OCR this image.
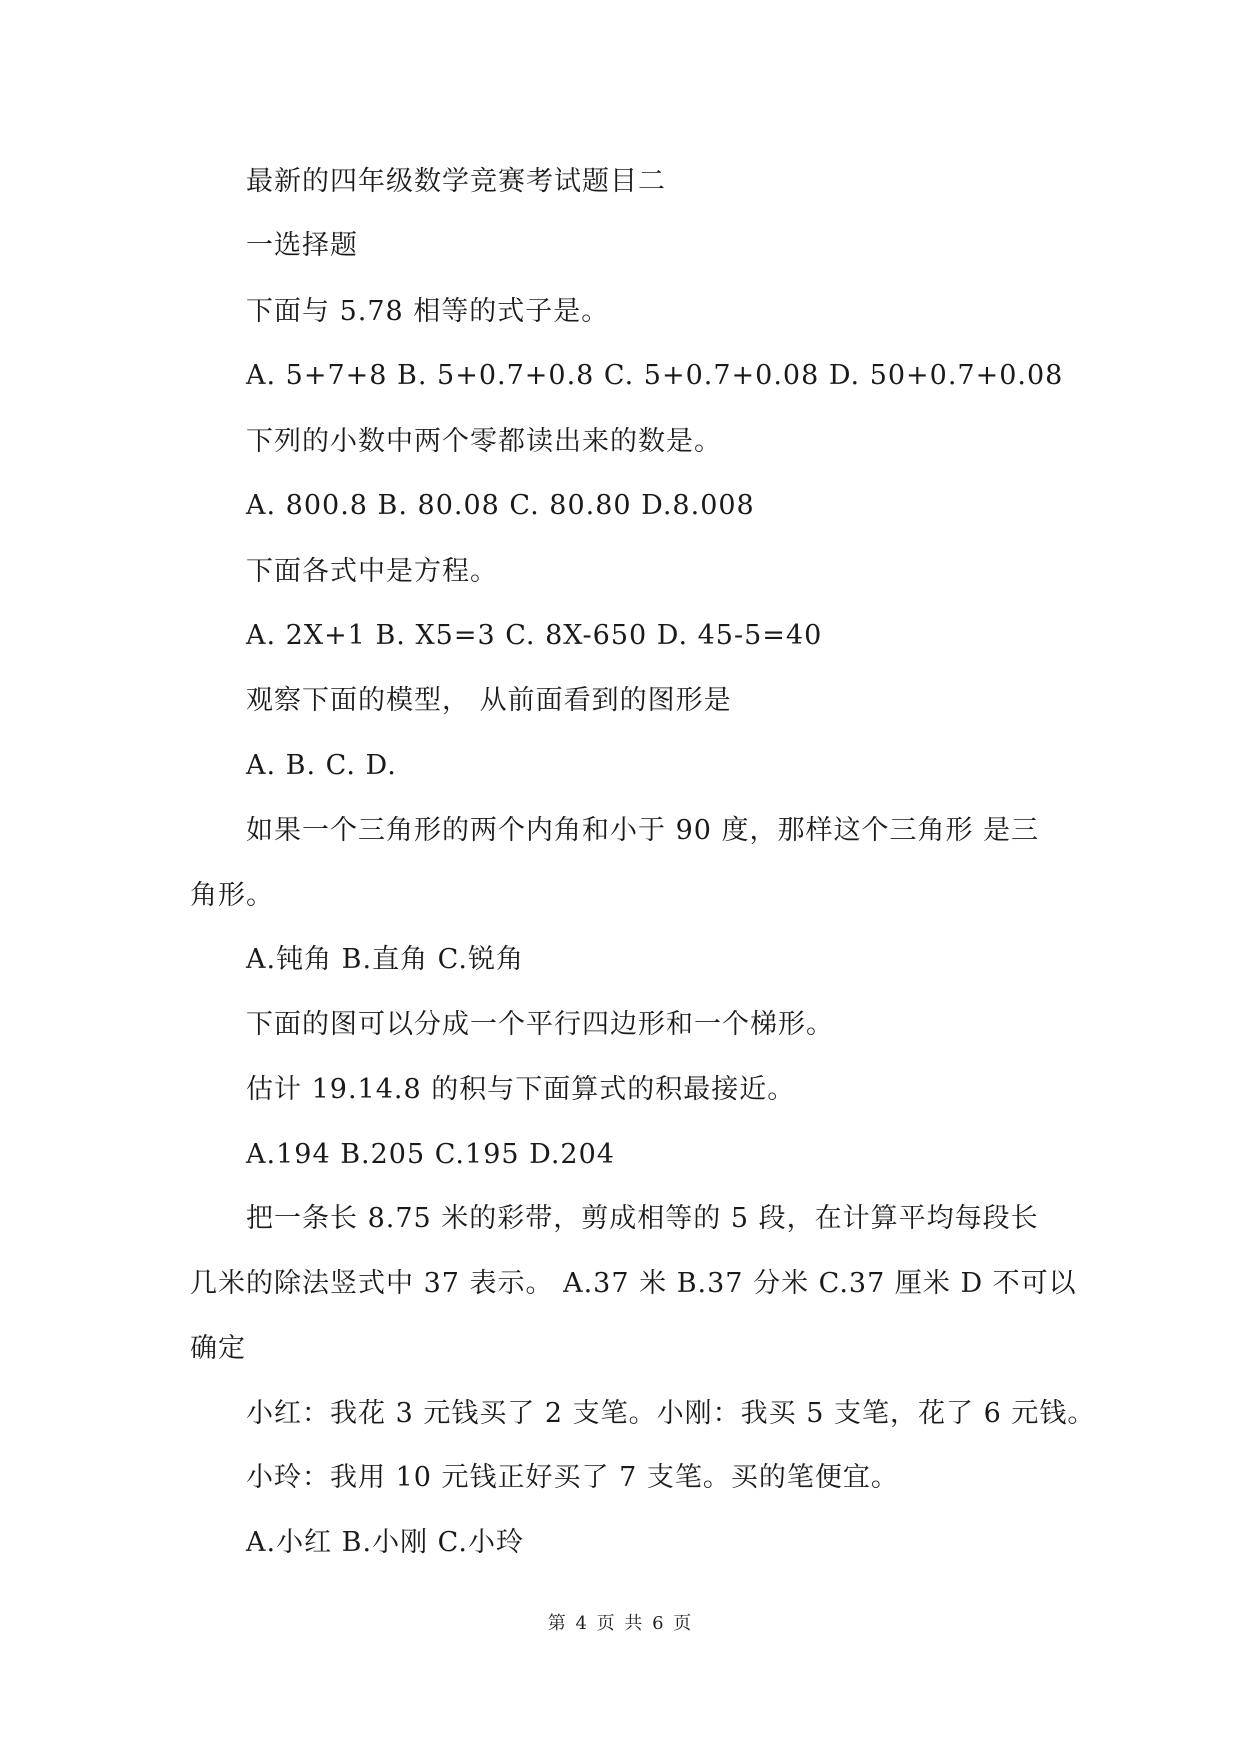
最新的四年级数学竞赛考试题目二
一选择题
下面与 5.78 相等的式子是。
A. 5+7+8 B. 5+0.7+0.8 C. 5+0.7+0.08 D. 50+0.7+0.08
下列的小数中两个零都读出来的数是。
A. 800.8 B. 80.08 C. 80.80 D.8.008
下面各式中是方程。
A. 2X+1 B. X5=3 C. 8X-650 D. 45-5=40
观察下面的模型， 从前面看到的图形是
A. B. C. D.
如果一个三角形的两个内角和小于 90 度，那样这个三角形 是三
角形。
A.钝角 B.直角 C.锐角
下面的图可以分成一个平行四边形和一个梯形。
估计 19.14.8 的积与下面算式的积最接近。
A.194 B.205 C.195 D.204
把一条长 8.75 米的彩带，剪成相等的 5 段，在计算平均每段长
几米的除法竖式中 37 表示。 A.37 米 B.37 分米 C.37 厘米 D 不可以
确定
小红：我花 3 元钱买了 2 支笔。小刚：我买 5 支笔，花了 6 元钱。
小玲：我用 10 元钱正好买了 7 支笔。买的笔便宜。
A.小红 B.小刚 C.小玲
第 4 页 共 6 页
